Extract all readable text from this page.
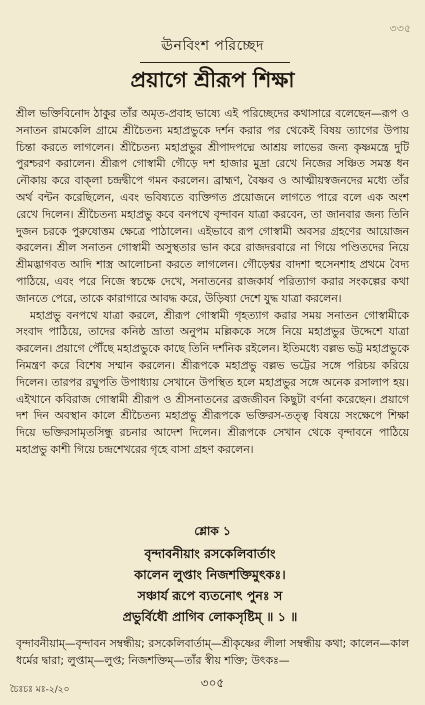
৩৩৫
ঊনবিংশ পরিচ্ছেদ
প্রয়াগে শ্রীরূপ শিক্ষা

শ্রীল ভক্তিবিনোদ ঠাকুর তাঁর অমৃত-প্রবাহ ভাষ্যে এই পরিচ্ছেদের কথাসারে বলেছেন—রূপ ও সনাতন রামকেলি গ্রামে শ্রীচৈতন্য মহাপ্রভুকে দর্শন করার পর থেকেই বিষয় ত্যাগের উপায় চিন্তা করতে লাগলেন। শ্রীচৈতন্য মহাপ্রভুর শ্রীপাদপদ্মে আশ্রয় লাভের জন্য কৃষ্ণমন্ত্রে দুটি পুরশ্চরণ করালেন। শ্রীরূপ গোস্বামী গৌড়ে দশ হাজার মুদ্রা রেখে নিজের সঞ্চিত সমস্ত ধন নৌকায় করে বাক্‌লা চন্দ্রদ্বীপে গমন করলেন। ব্রাহ্মণ, বৈষ্ণব ও আত্মীয়স্বজনদের মধ্যে তাঁর অর্থ বন্টন করেছিলেন, এবং ভবিষ্যতে ব্যক্তিগত প্রয়োজনে লাগতে পারে বলে এক অংশ রেখে দিলেন। শ্রীচৈতন্য মহাপ্রভু কবে বনপথে বৃন্দাবন যাত্রা করবেন, তা জানবার জন্য তিনি দুজন চরকে পুরুষোত্তম ক্ষেত্রে পাঠালেন। এইভাবে রূপ গোস্বামী অবসর গ্রহণের আয়োজন করলেন। শ্রীল সনাতন গোস্বামী অসুস্থতার ভান করে রাজদরবারে না গিয়ে পণ্ডিতদের নিয়ে শ্রীমদ্ভাগবত আদি শাস্ত্র আলোচনা করতে লাগলেন। গৌড়েশ্বর বাদশা হুসেনশাহ প্রথমে বৈদ্য পাঠিয়ে, এবং পরে নিজে স্বচক্ষে দেখে, সনাতনের রাজকার্য পরিত্যাগ করার সংকল্পের কথা জানতে পেরে, তাকে কারাগারে আবদ্ধ করে, উড়িষ্যা দেশে যুদ্ধ যাত্রা করলেন।

মহাপ্রভু বনপথে যাত্রা করলে, শ্রীরূপ গোস্বামী গৃহত্যাগ করার সময় সনাতন গোস্বামীকে সংবাদ পাঠিয়ে, তাদের কনিষ্ঠ ভ্রাতা অনুপম মল্লিককে সঙ্গে নিয়ে মহাপ্রভুর উদ্দেশে যাত্রা করলেন। প্রয়াগে পৌঁছে মহাপ্রভুকে কাছে তিনি দর্শনিক রইলেন। ইতিমধ্যে বল্লভ ভট্ট মহাপ্রভুকে নিমন্ত্রণ করে বিশেষ সম্মান করলেন। শ্রীরূপকে মহাপ্রভু বল্লভ ভট্টের সঙ্গে পরিচয় করিয়ে দিলেন। তারপর রঘুপতি উপাধ্যায় সেখানে উপস্থিত হলে মহাপ্রভুর সঙ্গে অনেক রসালাপ হয়। এইখানে কবিরাজ গোস্বামী শ্রীরূপ ও শ্রীসনাতনের ব্রজজীবন কিছুটা বর্ণনা করেছেন। প্রয়াগে দশ দিন অবস্থান কালে শ্রীচৈতন্য মহাপ্রভু শ্রীরূপকে ভক্তিরস-তত্ত্ব বিষয়ে সংক্ষেপে শিক্ষা দিয়ে ভক্তিরসামৃতসিন্ধু রচনার আদেশ দিলেন। শ্রীরূপকে সেখান থেকে বৃন্দাবনে পাঠিয়ে মহাপ্রভু কাশী গিয়ে চন্দ্রশেখরের গৃহে বাসা গ্রহণ করলেন।

শ্লোক ১
বৃন্দাবনীয়াং রসকেলিবার্তাং
কালেন লুপ্তাং নিজশক্তিমুৎকঃ।
সঞ্চার্য রূপে ব্যতনোৎ পুনঃ স
প্রভুর্বিধৌ প্রাগিব লোকসৃষ্টিম্‌ ॥ ১ ॥
বৃন্দাবনীয়াম্‌—বৃন্দাবন সম্বন্ধীয়; রসকেলিবার্তাম্‌—শ্রীকৃষ্ণের লীলা সম্বন্ধীয় কথা; কালেন—কাল ধর্মের দ্বারা; লুপ্তাম্‌—লুপ্ত; নিজশক্তিম্‌—তাঁর স্বীয় শক্তি; উৎকঃ—
চৈঃচঃ মঃ-২/২০	৩০৫
